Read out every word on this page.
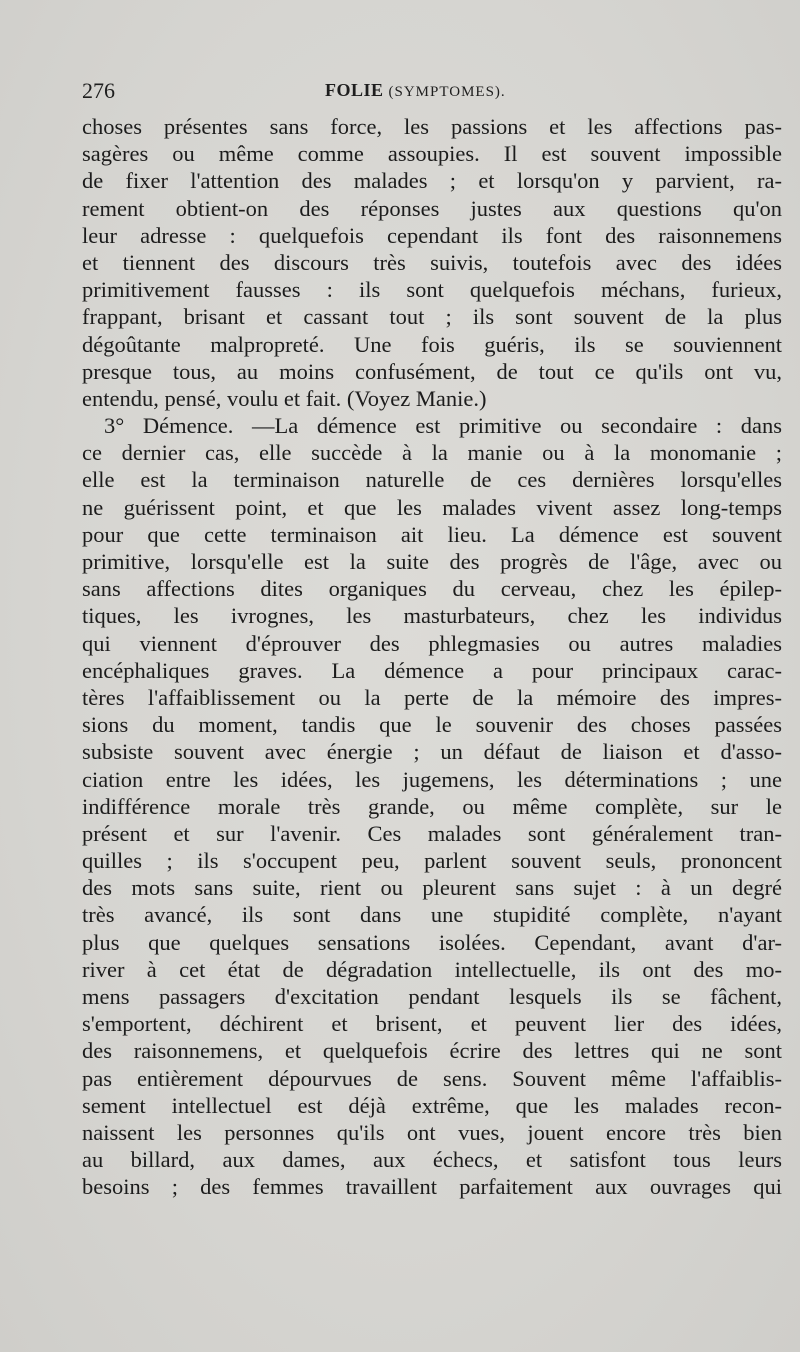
276	FOLIE (SYMPTOMES).
choses présentes sans force, les passions et les affections pas-
sagères ou même comme assoupies. Il est souvent impossible
de fixer l'attention des malades ; et lorsqu'on y parvient, ra-
rement obtient-on des réponses justes aux questions qu'on
leur adresse : quelquefois cependant ils font des raisonnemens
et tiennent des discours très suivis, toutefois avec des idées
primitivement fausses : ils sont quelquefois méchans, furieux,
frappant, brisant et cassant tout ; ils sont souvent de la plus
dégoûtante malpropreté. Une fois guéris, ils se souviennent
presque tous, au moins confusément, de tout ce qu'ils ont vu,
entendu, pensé, voulu et fait. (Voyez Manie.)
3° Démence. —La démence est primitive ou secondaire : dans
ce dernier cas, elle succède à la manie ou à la monomanie ;
elle est la terminaison naturelle de ces dernières lorsqu'elles
ne guérissent point, et que les malades vivent assez long-temps
pour que cette terminaison ait lieu. La démence est souvent
primitive, lorsqu'elle est la suite des progrès de l'âge, avec ou
sans affections dites organiques du cerveau, chez les épilep-
tiques, les ivrognes, les masturbateurs, chez les individus
qui viennent d'éprouver des phlegmasies ou autres maladies
encéphaliques graves. La démence a pour principaux carac-
tères l'affaiblissement ou la perte de la mémoire des impres-
sions du moment, tandis que le souvenir des choses passées
subsiste souvent avec énergie ; un défaut de liaison et d'asso-
ciation entre les idées, les jugemens, les déterminations ; une
indifférence morale très grande, ou même complète, sur le
présent et sur l'avenir. Ces malades sont généralement tran-
quilles ; ils s'occupent peu, parlent souvent seuls, prononcent
des mots sans suite, rient ou pleurent sans sujet : à un degré
très avancé, ils sont dans une stupidité complète, n'ayant
plus que quelques sensations isolées. Cependant, avant d'ar-
river à cet état de dégradation intellectuelle, ils ont des mo-
mens passagers d'excitation pendant lesquels ils se fâchent,
s'emportent, déchirent et brisent, et peuvent lier des idées,
des raisonnemens, et quelquefois écrire des lettres qui ne sont
pas entièrement dépourvues de sens. Souvent même l'affaiblis-
sement intellectuel est déjà extrême, que les malades recon-
naissent les personnes qu'ils ont vues, jouent encore très bien
au billard, aux dames, aux échecs, et satisfont tous leurs
besoins ; des femmes travaillent parfaitement aux ouvrages qui
